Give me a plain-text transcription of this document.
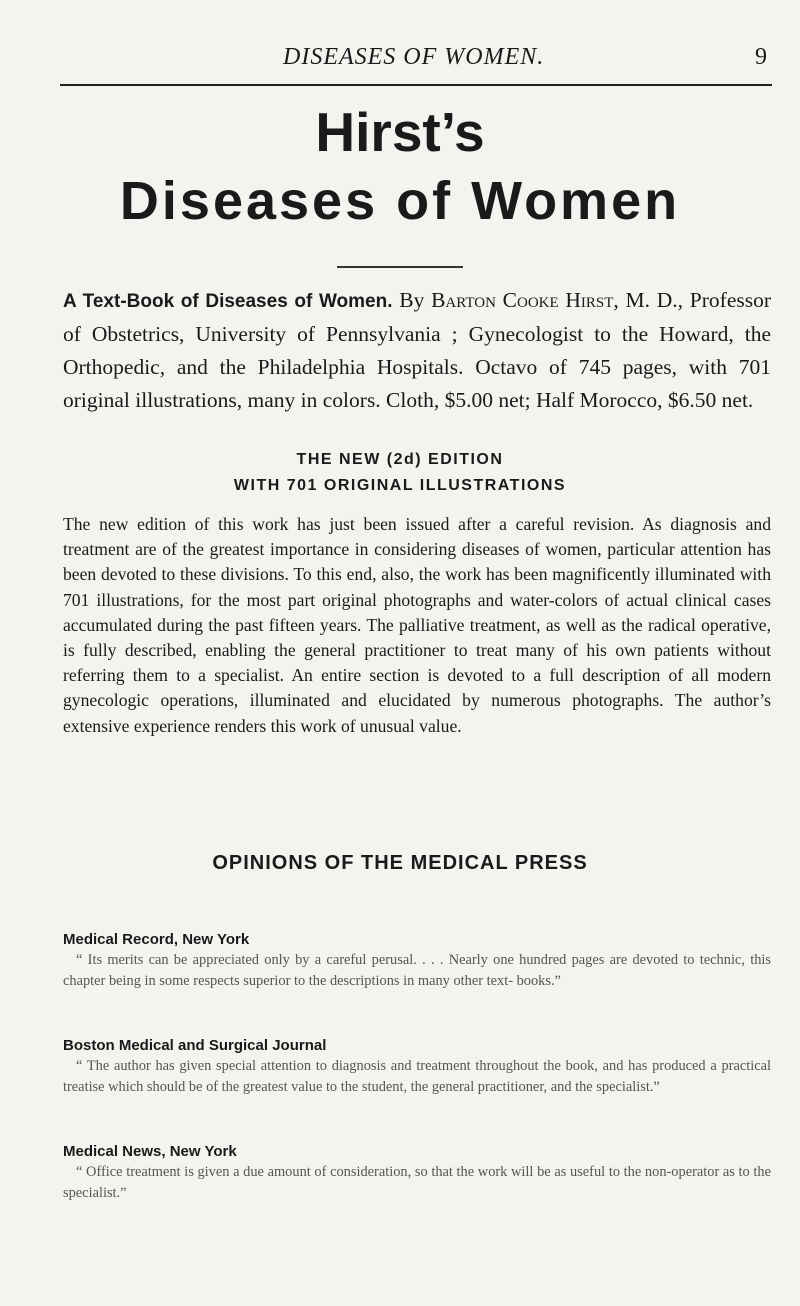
DISEASES OF WOMEN.	9
Hirst’s
Diseases of Women
A Text-Book of Diseases of Women. By Barton Cooke Hirst, M. D., Professor of Obstetrics, University of Pennsylvania ; Gynecologist to the Howard, the Orthopedic, and the Philadelphia Hospitals. Octavo of 745 pages, with 701 original illustrations, many in colors. Cloth, $5.00 net; Half Morocco, $6.50 net.
THE NEW (2d) EDITION
WITH 701 ORIGINAL ILLUSTRATIONS
The new edition of this work has just been issued after a careful revision. As diagnosis and treatment are of the greatest importance in considering diseases of women, particular attention has been devoted to these divisions. To this end, also, the work has been magnificently illuminated with 701 illustrations, for the most part original photographs and water-colors of actual clinical cases accumulated during the past fifteen years. The palliative treatment, as well as the radical operative, is fully described, enabling the general practitioner to treat many of his own patients without referring them to a specialist. An entire section is devoted to a full description of all modern gynecologic operations, illuminated and elucidated by numerous photographs. The author’s extensive experience renders this work of unusual value.
OPINIONS OF THE MEDICAL PRESS
Medical Record, New York
“ Its merits can be appreciated only by a careful perusal. . . . Nearly one hundred pages are devoted to technic, this chapter being in some respects superior to the descriptions in many other text- books.”
Boston Medical and Surgical Journal
“ The author has given special attention to diagnosis and treatment throughout the book, and has produced a practical treatise which should be of the greatest value to the student, the general practitioner, and the specialist.”
Medical News, New York
“ Office treatment is given a due amount of consideration, so that the work will be as useful to the non-operator as to the specialist.”
